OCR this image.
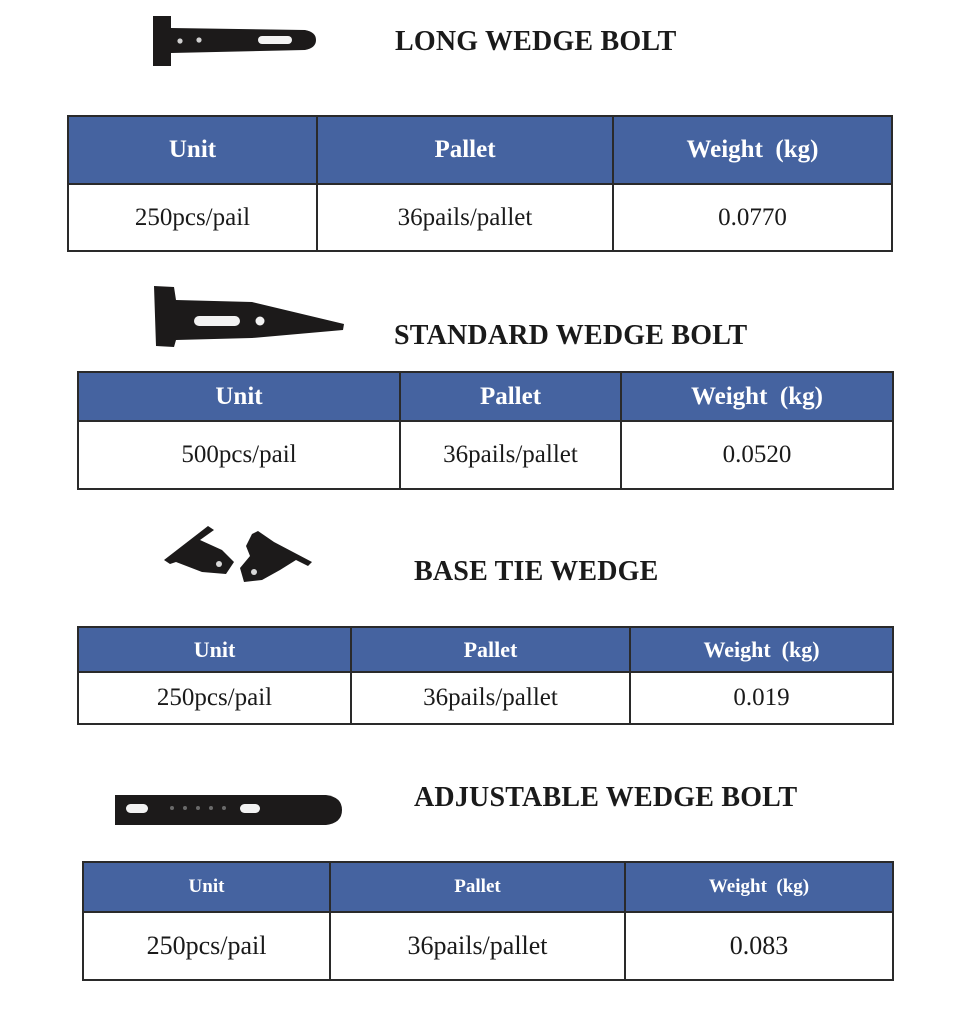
LONG WEDGE BOLT
Unit	Pallet	Weight  (kg)
250pcs/pail	36pails/pallet	0.0770
STANDARD WEDGE BOLT
Unit	Pallet	Weight  (kg)
500pcs/pail	36pails/pallet	0.0520
BASE TIE WEDGE
Unit	Pallet	Weight  (kg)
250pcs/pail	36pails/pallet	0.019
ADJUSTABLE WEDGE BOLT
Unit	Pallet	Weight  (kg)
250pcs/pail	36pails/pallet	0.083
